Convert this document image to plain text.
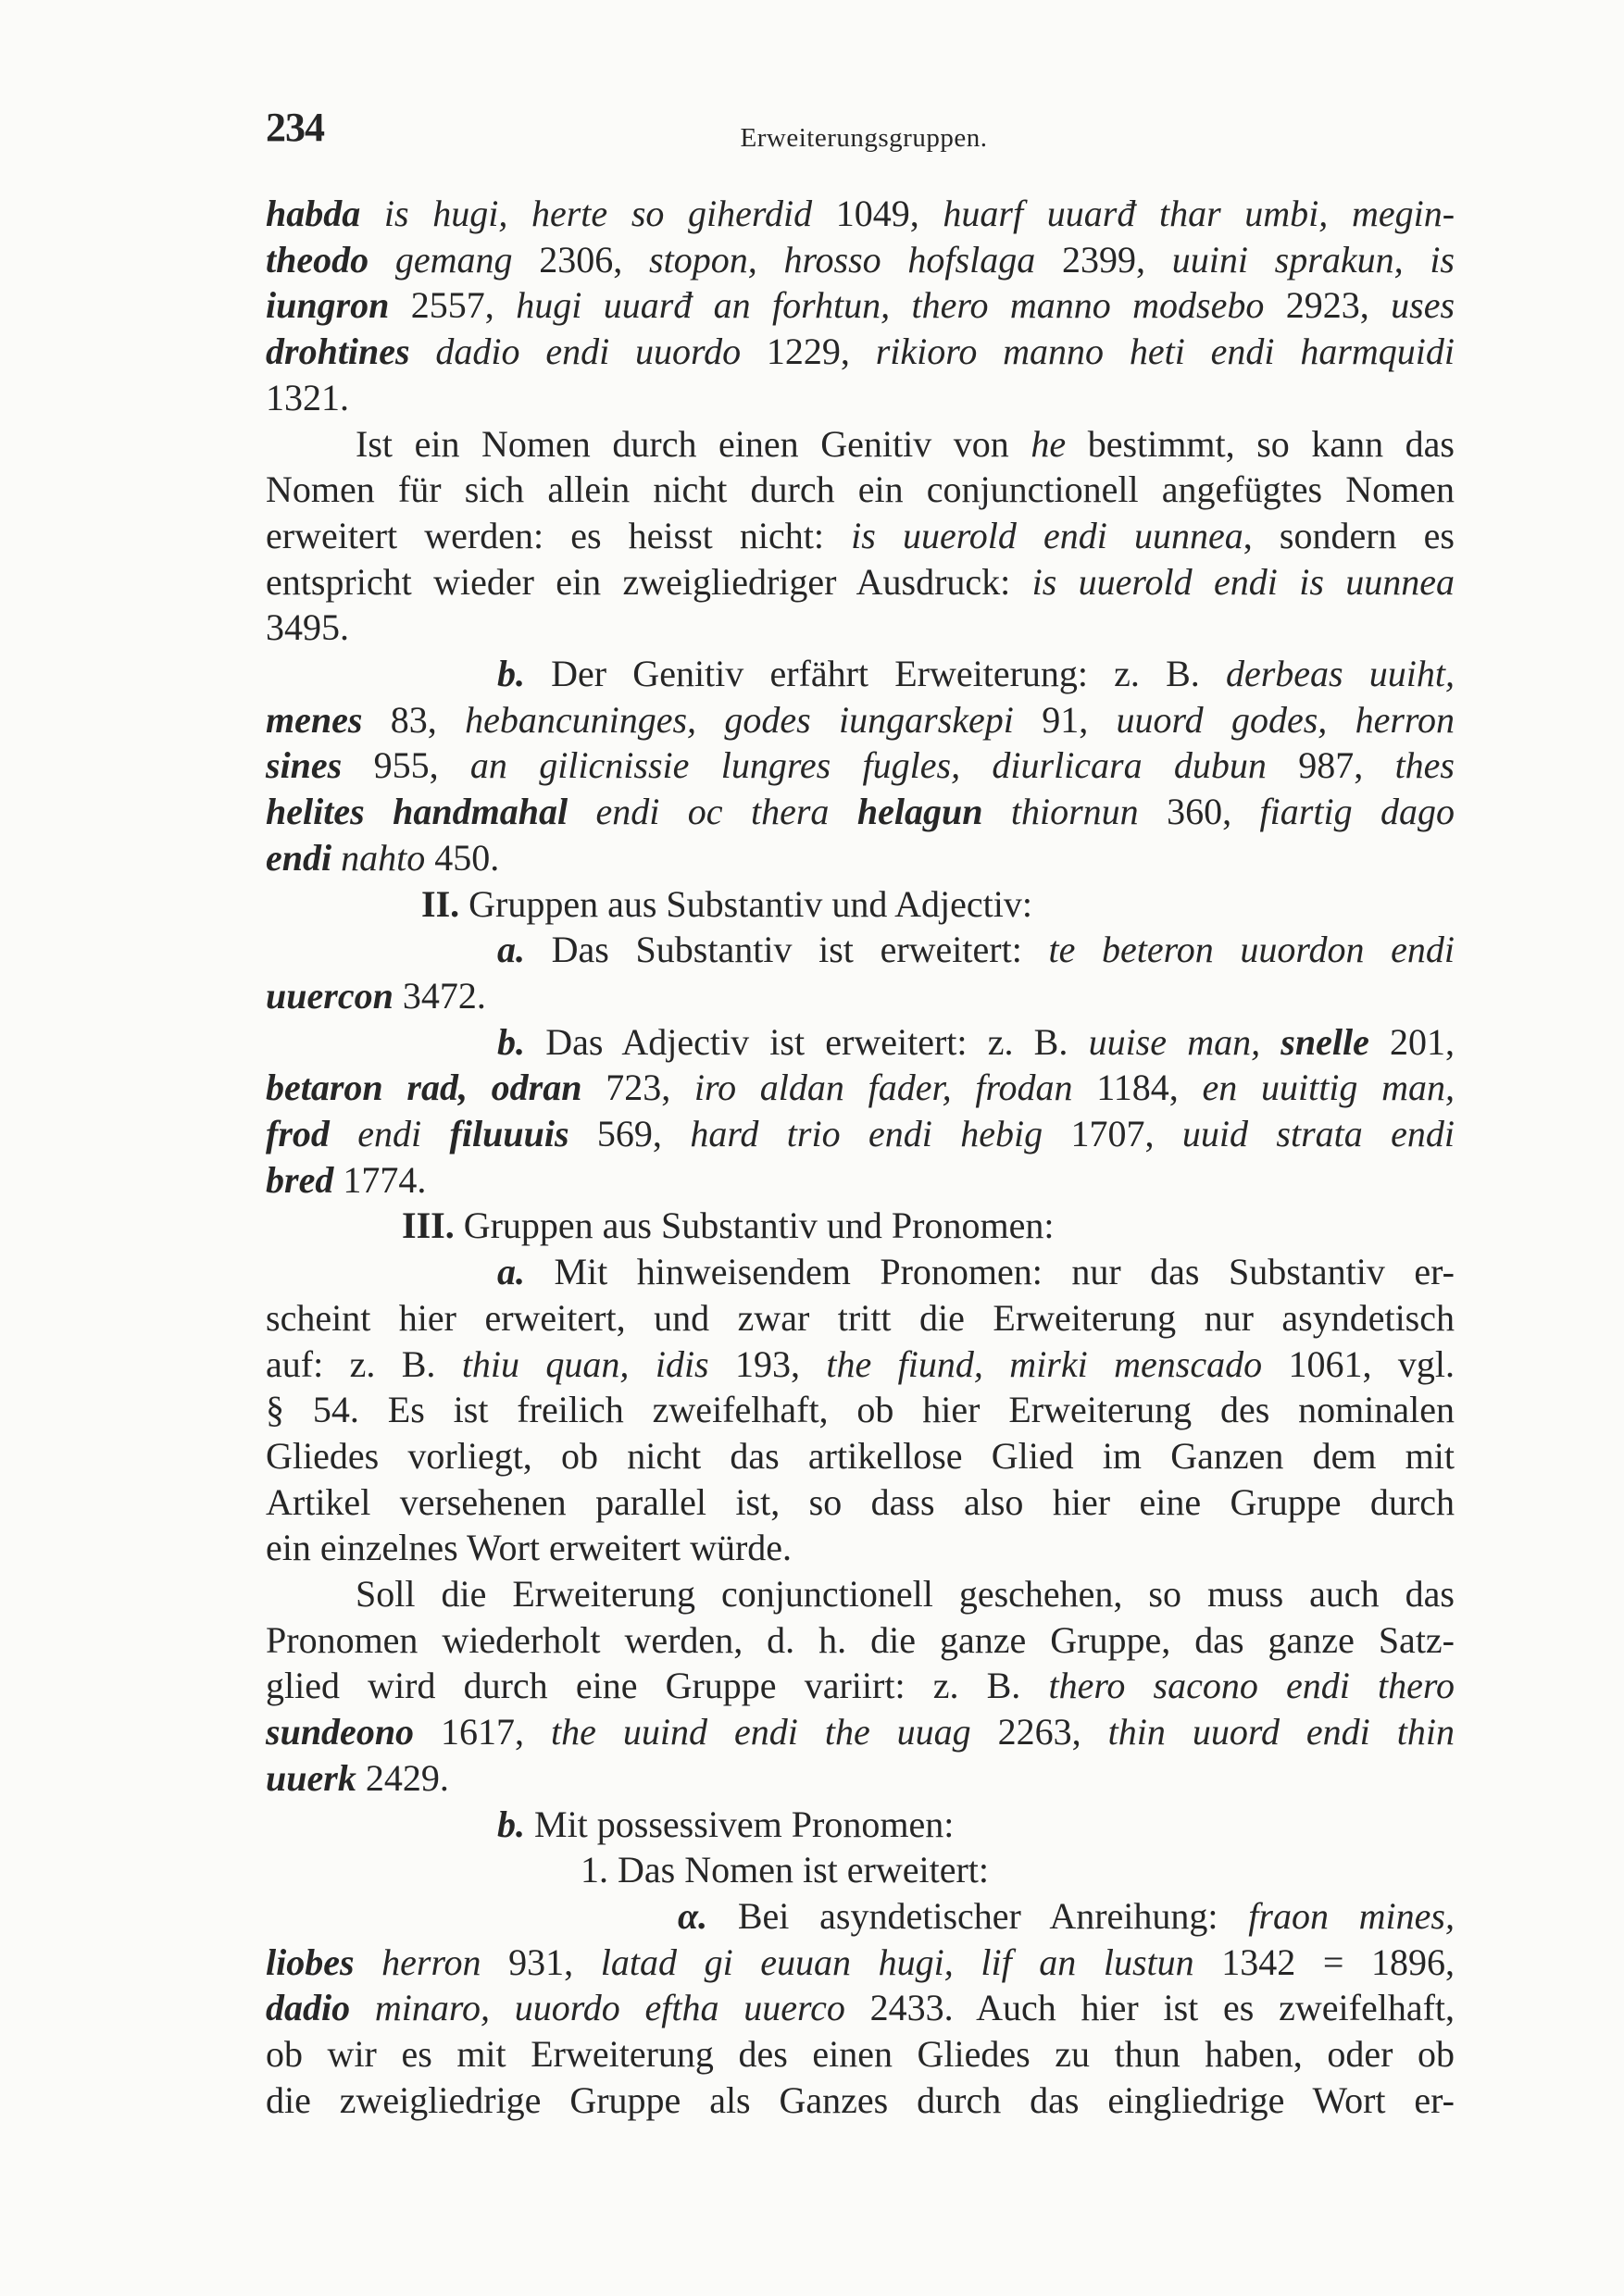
234	Erweiterungsgruppen.
habda is hugi, herte so giherdid 1049, huarf uuarđ thar umbi, megin-
theodo gemang 2306, stopon, hrosso hofslaga 2399, uuini sprakun, is
iungron 2557, hugi uuarđ an forhtun, thero manno modsebo 2923, uses
drohtines dadio endi uuordo 1229, rikioro manno heti endi harmquidi
1321.
Ist ein Nomen durch einen Genitiv von he bestimmt, so kann das
Nomen für sich allein nicht durch ein conjunctionell angefügtes Nomen
erweitert werden: es heisst nicht: is uuerold endi uunnea, sondern es
entspricht wieder ein zweigliedriger Ausdruck: is uuerold endi is uunnea
3495.
b. Der Genitiv erfährt Erweiterung: z. B. derbeas uuiht,
menes 83, hebancuninges, godes iungarskepi 91, uuord godes, herron
sines 955, an gilicnissie lungres fugles, diurlicara dubun 987, thes
helites handmahal endi oc thera helagun thiornun 360, fiartig dago
endi nahto 450.
II. Gruppen aus Substantiv und Adjectiv:
a. Das Substantiv ist erweitert: te beteron uuordon endi
uuercon 3472.
b. Das Adjectiv ist erweitert: z. B. uuise man, snelle 201,
betaron rad, odran 723, iro aldan fader, frodan 1184, en uuittig man,
frod endi filuuuis 569, hard trio endi hebig 1707, uuid strata endi
bred 1774.
III. Gruppen aus Substantiv und Pronomen:
a. Mit hinweisendem Pronomen: nur das Substantiv er-
scheint hier erweitert, und zwar tritt die Erweiterung nur asyndetisch
auf: z. B. thiu quan, idis 193, the fiund, mirki menscado 1061, vgl.
§ 54. Es ist freilich zweifelhaft, ob hier Erweiterung des nominalen
Gliedes vorliegt, ob nicht das artikellose Glied im Ganzen dem mit
Artikel versehenen parallel ist, so dass also hier eine Gruppe durch
ein einzelnes Wort erweitert würde.
Soll die Erweiterung conjunctionell geschehen, so muss auch das
Pronomen wiederholt werden, d. h. die ganze Gruppe, das ganze Satz-
glied wird durch eine Gruppe variirt: z. B. thero sacono endi thero
sundeono 1617, the uuind endi the uuag 2263, thin uuord endi thin
uuerk 2429.
b. Mit possessivem Pronomen:
1. Das Nomen ist erweitert:
α. Bei asyndetischer Anreihung: fraon mines,
liobes herron 931, latad gi euuan hugi, lif an lustun 1342 = 1896,
dadio minaro, uuordo eftha uuerco 2433. Auch hier ist es zweifelhaft,
ob wir es mit Erweiterung des einen Gliedes zu thun haben, oder ob
die zweigliedrige Gruppe als Ganzes durch das eingliedrige Wort er-
